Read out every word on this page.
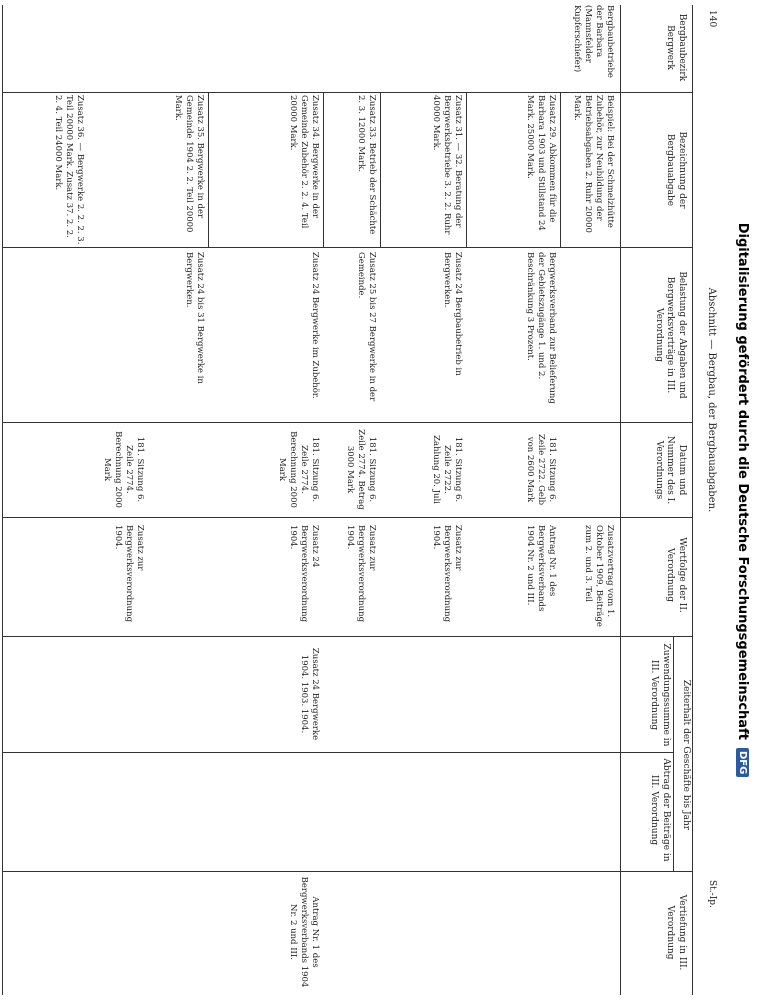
140
Abschnitt — Bergbau, der Bergbauabgaben.
St.-Ip.
Bergbaubezirk Bergwerk
Bezeichnung der Bergbauabgabe
Belastung der Abgaben und Bergwerksverträge in III. Verordnung
Datum und Nummer des I. Verordnungs
Wertfolge der II. Verordnung
Zeiterhalt der Geschäfte bis Jahr
Zuwendungssumme in III. Verordnung
Abtrag der Beiträge in III. Verordnung
Vertiefung in III. Verordnung
Bergbaubetriebe der Barbara (Mannsfelder Kupferschiefer)
Beispiel: Bei der Schmelzhütte Zubehör, zur Neubildung der Betriebsabgaben 2. Ruhr 20000 Mark.
Zusatzvertrag vom 1. Oktober 1909, Beiträge zum 2. und 3. Teil
Zusatz 29. Abkommen für die Barbara 1903 und Stillstand 24 Mark. 25000 Mark.
Bergwerksverband zur Belieferung der Gebietszugänge 1. und 2. Beschränkung 3 Prozent.
181. Sitzung 6. Zeile 2722. Gelb von 2600 Mark
Antrag Nr. 1 des Bergwerksverbands 1904 Nr. 2 und III.
Zusatz 31. — 32. Beratung der Bergwerksbetriebe 3. 2. 2. Ruhr 40000 Mark.
Zusatz 24 Bergbaubetrieb in Bergwerken.
181. Sitzung 6. Zeile 2722. Zahlung 20. Juli
Zusatz zur Bergwerksverordnung 1904.
Zusatz 33. Betrieb der Schächte 2. 3. 12000 Mark.
Zusatz 25 bis 27 Bergwerke in der Gemeinde.
181. Sitzung 6. Zeile 2774. Betrag 3000 Mark
Zusatz zur Bergwerksverordnung 1904.
Zusatz 34. Bergwerke in der Gemeinde Zubehör 2. 2. 4. Teil 20000 Mark.
Zusatz 24 Bergwerke im Zubehör.
181. Sitzung 6. Zeile 2774. Berechnung 2000 Mark
Zusatz 24 Bergwerksverordnung 1904.
Zusatz 24 Bergwerke 1904. 1903. 1904.
Antrag Nr. 1 des Bergwerksverbands 1904 Nr. 2 und III.
Zusatz 35. Bergwerke in der Gemeinde 1904 2. 2. Teil 20000 Mark.
Zusatz 24 bis 31 Bergwerke in Bergwerken.
181. Sitzung 6. Zeile 2774. Berechnung 2000 Mark
Zusatz zur Bergwerksverordnung 1904.
Zusatz 36. — Bergwerke 2. 2. 2. 3. Teil 20000 Mark. Zusatz 37. 2. 2. 2. 4. Teil 24000 Mark.
Digitalisierung gefördert durch die Deutsche Forschungsgemeinschaft
DFG
